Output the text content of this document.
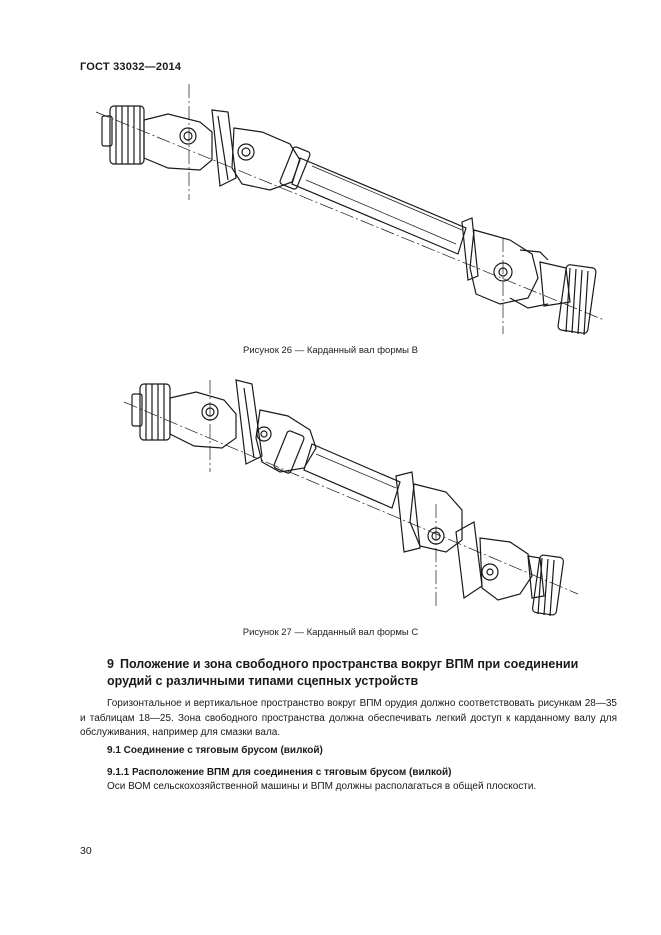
ГОСТ 33032—2014
Рисунок 26 — Карданный вал формы B
Рисунок 27 — Карданный вал формы C
9 Положение и зона свободного пространства вокруг ВПМ при соединении орудий с различными типами сцепных устройств
Горизонтальное и вертикальное пространство вокруг ВПМ орудия должно соответствовать рисункам 28—35 и таблицам 18—25. Зона свободного пространства должна обеспечивать легкий доступ к карданному валу для обслуживания, например для смазки вала.
9.1 Соединение с тяговым брусом (вилкой)
9.1.1 Расположение ВПМ для соединения с тяговым брусом (вилкой)
Оси ВОМ сельскохозяйственной машины и ВПМ должны располагаться в общей плоскости.
30
